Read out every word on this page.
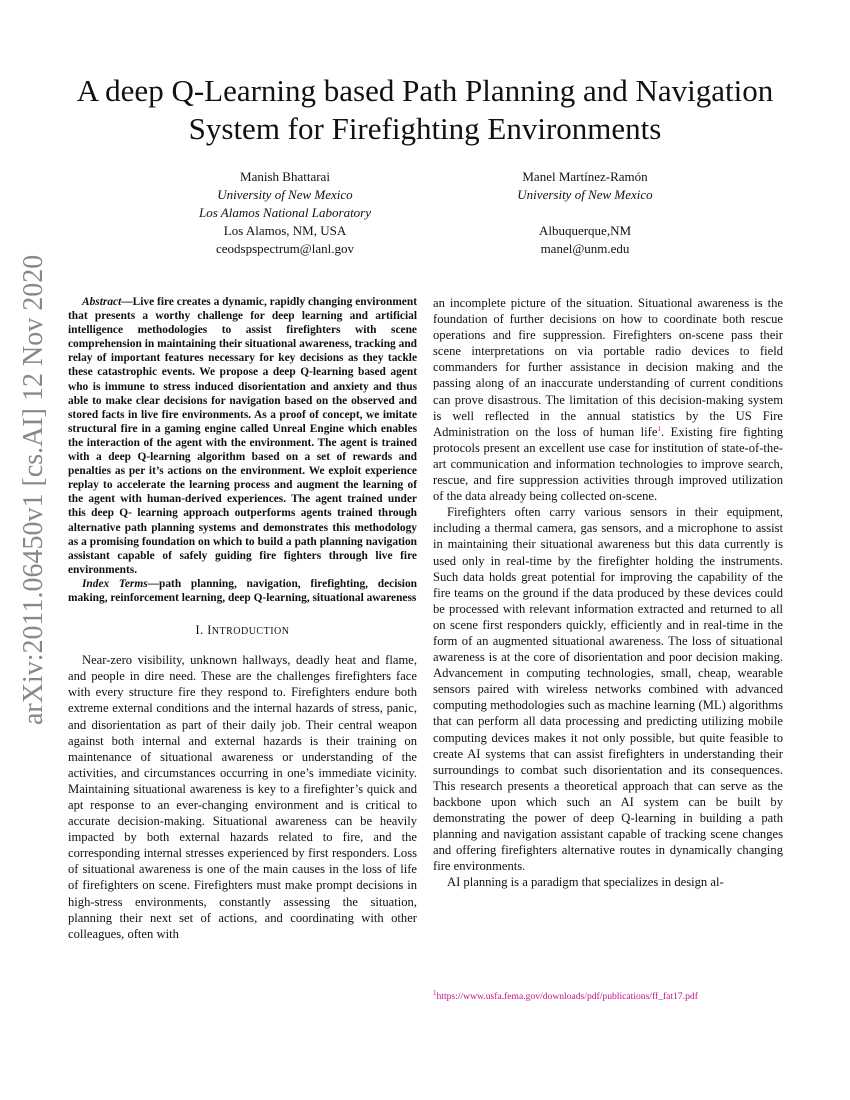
A deep Q-Learning based Path Planning and Navigation System for Firefighting Environments
Manish Bhattarai
University of New Mexico
Los Alamos National Laboratory
Los Alamos, NM, USA
ceodspspectrum@lanl.gov
Manel Martínez-Ramón
University of New Mexico
Albuquerque,NM
manel@unm.edu
arXiv:2011.06450v1 [cs.AI] 12 Nov 2020	Abstract—Live fire creates a dynamic, rapidly changing environment that presents a worthy challenge for deep learning and artificial intelligence methodologies to assist firefighters with scene comprehension in maintaining their situational awareness, tracking and relay of important features necessary for key decisions as they tackle these catastrophic events. We propose a deep Q-learning based agent who is immune to stress induced disorientation and anxiety and thus able to make clear decisions for navigation based on the observed and stored facts in live fire environments. As a proof of concept, we imitate structural fire in a gaming engine called Unreal Engine which enables the interaction of the agent with the environment. The agent is trained with a deep Q-learning algorithm based on a set of rewards and penalties as per it’s actions on the environment. We exploit experience replay to accelerate the learning process and augment the learning of the agent with human-derived experiences. The agent trained under this deep Q- learning approach outperforms agents trained through alternative path planning systems and demonstrates this methodology as a promising foundation on which to build a path planning navigation assistant capable of safely guiding fire fighters through live fire environments.

Index Terms—path planning, navigation, firefighting, decision making, reinforcement learning, deep Q-learning, situational awareness

I. INTRODUCTION

Near-zero visibility, unknown hallways, deadly heat and flame, and people in dire need. These are the challenges firefighters face with every structure fire they respond to. Firefighters endure both extreme external conditions and the internal hazards of stress, panic, and disorientation as part of their daily job. Their central weapon against both internal and external hazards is their training on maintenance of situational awareness or understanding of the activities, and circumstances occurring in one’s immediate vicinity. Maintaining situational awareness is key to a firefighter’s quick and apt response to an ever-changing environment and is critical to accurate decision-making. Situational awareness can be heavily impacted by both external hazards related to fire, and the corresponding internal stresses experienced by first responders. Loss of situational awareness is one of the main causes in the loss of life of firefighters on scene. Firefighters must make prompt decisions in high-stress environments, constantly assessing the situation, planning their next set of actions, and coordinating with other colleagues, often with

an incomplete picture of the situation. Situational awareness is the foundation of further decisions on how to coordinate both rescue operations and fire suppression. Firefighters on-scene pass their scene interpretations on via portable radio devices to field commanders for further assistance in decision making and the passing along of an inaccurate understanding of current conditions can prove disastrous. The limitation of this decision-making system is well reflected in the annual statistics by the US Fire Administration on the loss of human life$^1$. Existing fire fighting protocols present an excellent use case for institution of state-of-the-art communication and information technologies to improve search, rescue, and fire suppression activities through improved utilization of the data already being collected on-scene.

Firefighters often carry various sensors in their equipment, including a thermal camera, gas sensors, and a microphone to assist in maintaining their situational awareness but this data currently is used only in real-time by the firefighter holding the instruments. Such data holds great potential for improving the capability of the fire teams on the ground if the data produced by these devices could be processed with relevant information extracted and returned to all on scene first responders quickly, efficiently and in real-time in the form of an augmented situational awareness. The loss of situational awareness is at the core of disorientation and poor decision making. Advancement in computing technologies, small, cheap, wearable sensors paired with wireless networks combined with advanced computing methodologies such as machine learning (ML) algorithms that can perform all data processing and predicting utilizing mobile computing devices makes it not only possible, but quite feasible to create AI systems that can assist firefighters in understanding their surroundings to combat such disorientation and its consequences. This research presents a theoretical approach that can serve as the backbone upon which such an AI system can be built by demonstrating the power of deep Q-learning in building a path planning and navigation assistant capable of tracking scene changes and offering firefighters alternative routes in dynamically changing fire environments.

AI planning is a paradigm that specializes in design al-

$^1$https://www.usfa.fema.gov/downloads/pdf/publications/ff_fat17.pdf
